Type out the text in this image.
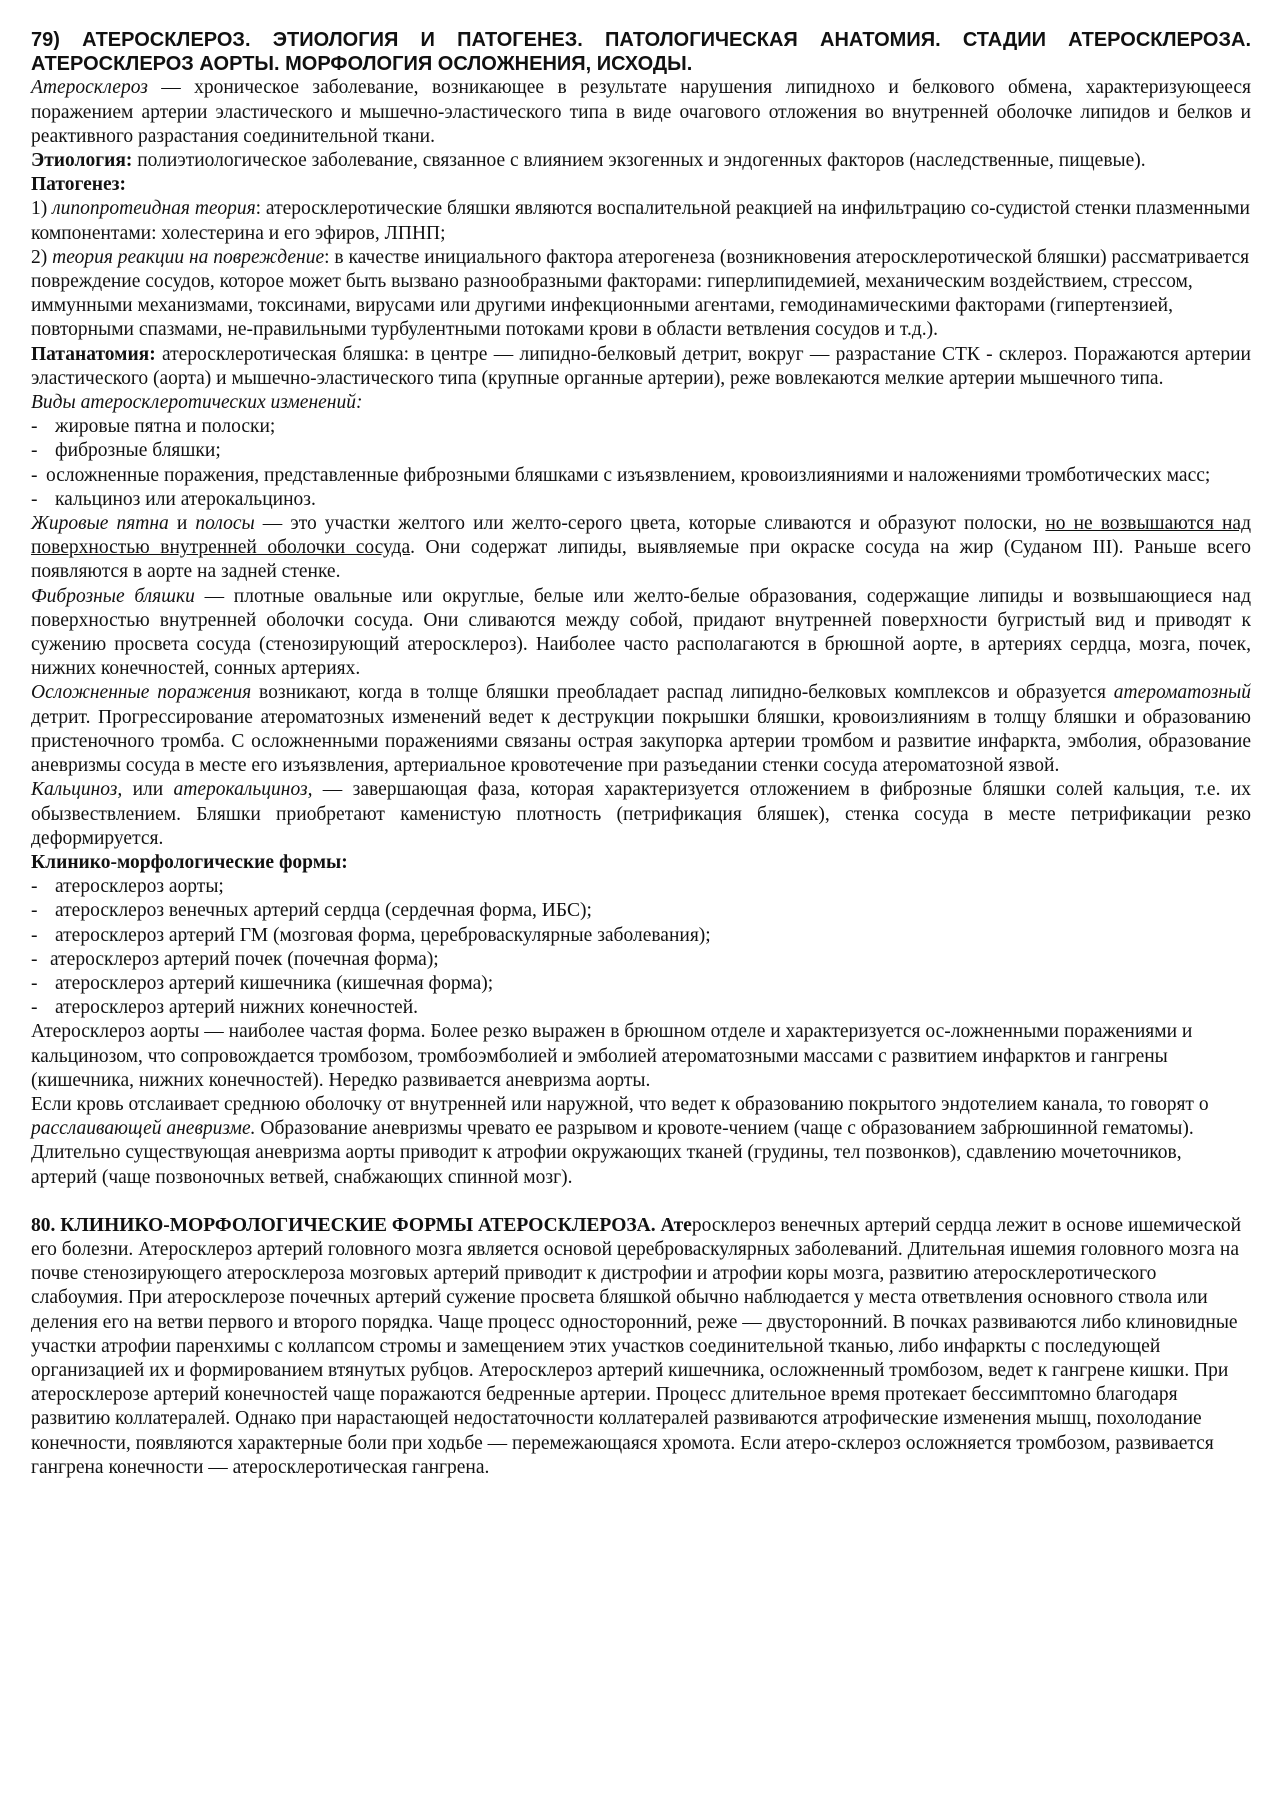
79) АТЕРОСКЛЕРОЗ. ЭТИОЛОГИЯ И ПАТОГЕНЕЗ. ПАТОЛОГИЧЕСКАЯ АНАТОМИЯ. СТАДИИ АТЕРОСКЛЕРОЗА. АТЕРОСКЛЕРОЗ АОРТЫ. МОРФОЛОГИЯ ОСЛОЖНЕНИЯ, ИСХОДЫ.

Атеросклероз — хроническое заболевание, возникающее в результате нарушения липиднохо и белкового обмена, характеризующееся поражением артерии эластического и мышечно-эластического типа в виде очагового отложения во внутренней оболочке липидов и белков и реактивного разрастания соединительной ткани.

Этиология: полиэтиологическое заболевание, связанное с влиянием экзогенных и эндогенных факторов (наследственные, пищевые).

Патогенез:

1) липопротеидная теория: атеросклеротические бляшки являются воспалительной реакцией на инфильтрацию со-судистой стенки плазменными компонентами: холестерина и его эфиров, ЛПНП;

2) теория реакции на повреждение: в качестве инициального фактора атерогенеза (возникновения атеросклеротической бляшки) рассматривается повреждение сосудов, которое может быть вызвано разнообразными факторами: гиперлипидемией, механическим воздействием, стрессом, иммунными механизмами, токсинами, вирусами или другими инфекционными агентами, гемодинамическими факторами (гипертензией, повторными спазмами, не-правильными турбулентными потоками крови в области ветвления сосудов и т.д.).

Патанатомия: атеросклеротическая бляшка: в центре — липидно-белковый детрит, вокруг — разрастание СТК - склероз. Поражаются артерии эластического (аорта) и мышечно-эластического типа (крупные органные артерии), реже вовлекаются мелкие артерии мышечного типа.

Виды атеросклеротических изменений:

- жировые пятна и полоски;

- фиброзные бляшки;

- осложненные поражения, представленные фиброзными бляшками с изъязвлением, кровоизлияниями и наложениями тромботических масс;

- кальциноз или атерокальциноз.

Жировые пятна и полосы — это участки желтого или желто-серого цвета, которые сливаются и образуют полоски, но не возвышаются над поверхностью внутренней оболочки сосуда. Они содержат липиды, выявляемые при окраске сосуда на жир (Суданом III). Раньше всего появляются в аорте на задней стенке.

Фиброзные бляшки — плотные овальные или округлые, белые или желто-белые образования, содержащие липиды и возвышающиеся над поверхностью внутренней оболочки сосуда. Они сливаются между собой, придают внутренней поверхности бугристый вид и приводят к сужению просвета сосуда (стенозирующий атеросклероз). Наиболее часто располагаются в брюшной аорте, в артериях сердца, мозга, почек, нижних конечностей, сонных артериях.

Осложненные поражения возникают, когда в толще бляшки преобладает распад липидно-белковых комплексов и образуется атероматозный детрит. Прогрессирование атероматозных изменений ведет к деструкции покрышки бляшки, кровоизлияниям в толщу бляшки и образованию пристеночного тромба. С осложненными поражениями связаны острая закупорка артерии тромбом и развитие инфаркта, эмболия, образование аневризмы сосуда в месте его изъязвления, артериальное кровотечение при разъедании стенки сосуда атероматозной язвой.

Кальциноз, или атерокальциноз, — завершающая фаза, которая характеризуется отложением в фиброзные бляшки солей кальция, т.е. их обызвествлением. Бляшки приобретают каменистую плотность (петрификация бляшек), стенка сосуда в месте петрификации резко деформируется.

Клинико-морфологические формы:

- атеросклероз аорты;

- атеросклероз венечных артерий сердца (сердечная форма, ИБС);

- атеросклероз артерий ГМ (мозговая форма, цереброваскулярные заболевания);

- атеросклероз артерий почек (почечная форма);

- атеросклероз артерий кишечника (кишечная форма);

- атеросклероз артерий нижних конечностей.

Атеросклероз аорты — наиболее частая форма. Более резко выражен в брюшном отделе и характеризуется ос-ложненными поражениями и кальцинозом, что сопровождается тромбозом, тромбоэмболией и эмболией атероматозными массами с развитием инфарктов и гангрены (кишечника, нижних конечностей). Нередко развивается аневризма аорты.

Если кровь отслаивает среднюю оболочку от внутренней или наружной, что ведет к образованию покрытого эндотелием канала, то говорят о расслаивающей аневризме. Образование аневризмы чревато ее разрывом и кровоте-чением (чаще с образованием забрюшинной гематомы). Длительно существующая аневризма аорты приводит к атрофии окружающих тканей (грудины, тел позвонков), сдавлению мочеточников, артерий (чаще позвоночных ветвей, снабжающих спинной мозг).

80. КЛИНИКО-МОРФОЛОГИЧЕСКИЕ ФОРМЫ АТЕРОСКЛЕРОЗА. Атеросклероз венечных артерий сердца лежит в основе ишемической его болезни. Атеросклероз артерий головного мозга является основой цереброваскулярных заболеваний. Длительная ишемия головного мозга на почве стенозирующего атеросклероза мозговых артерий приводит к дистрофии и атрофии коры мозга, развитию атеросклеротического слабоумия. При атеросклерозе почечных артерий сужение просвета бляшкой обычно наблюдается у места ответвления основного ствола или деления его на ветви первого и второго порядка. Чаще процесс односторонний, реже — двусторонний. В почках развиваются либо клиновидные участки атрофии паренхимы с коллапсом стромы и замещением этих участков соединительной тканью, либо инфаркты с последующей организацией их и формированием втянутых рубцов. Атеросклероз артерий кишечника, осложненный тромбозом, ведет к гангрене кишки. При атеросклерозе артерий конечностей чаще поражаются бедренные артерии. Процесс длительное время протекает бессимптомно благодаря развитию коллатералей. Однако при нарастающей недостаточности коллатералей развиваются атрофические изменения мышц, похолодание конечности, появляются характерные боли при ходьбе — перемежающаяся хромота. Если атеро-склероз осложняется тромбозом, развивается гангрена конечности — атеросклеротическая гангрена.
